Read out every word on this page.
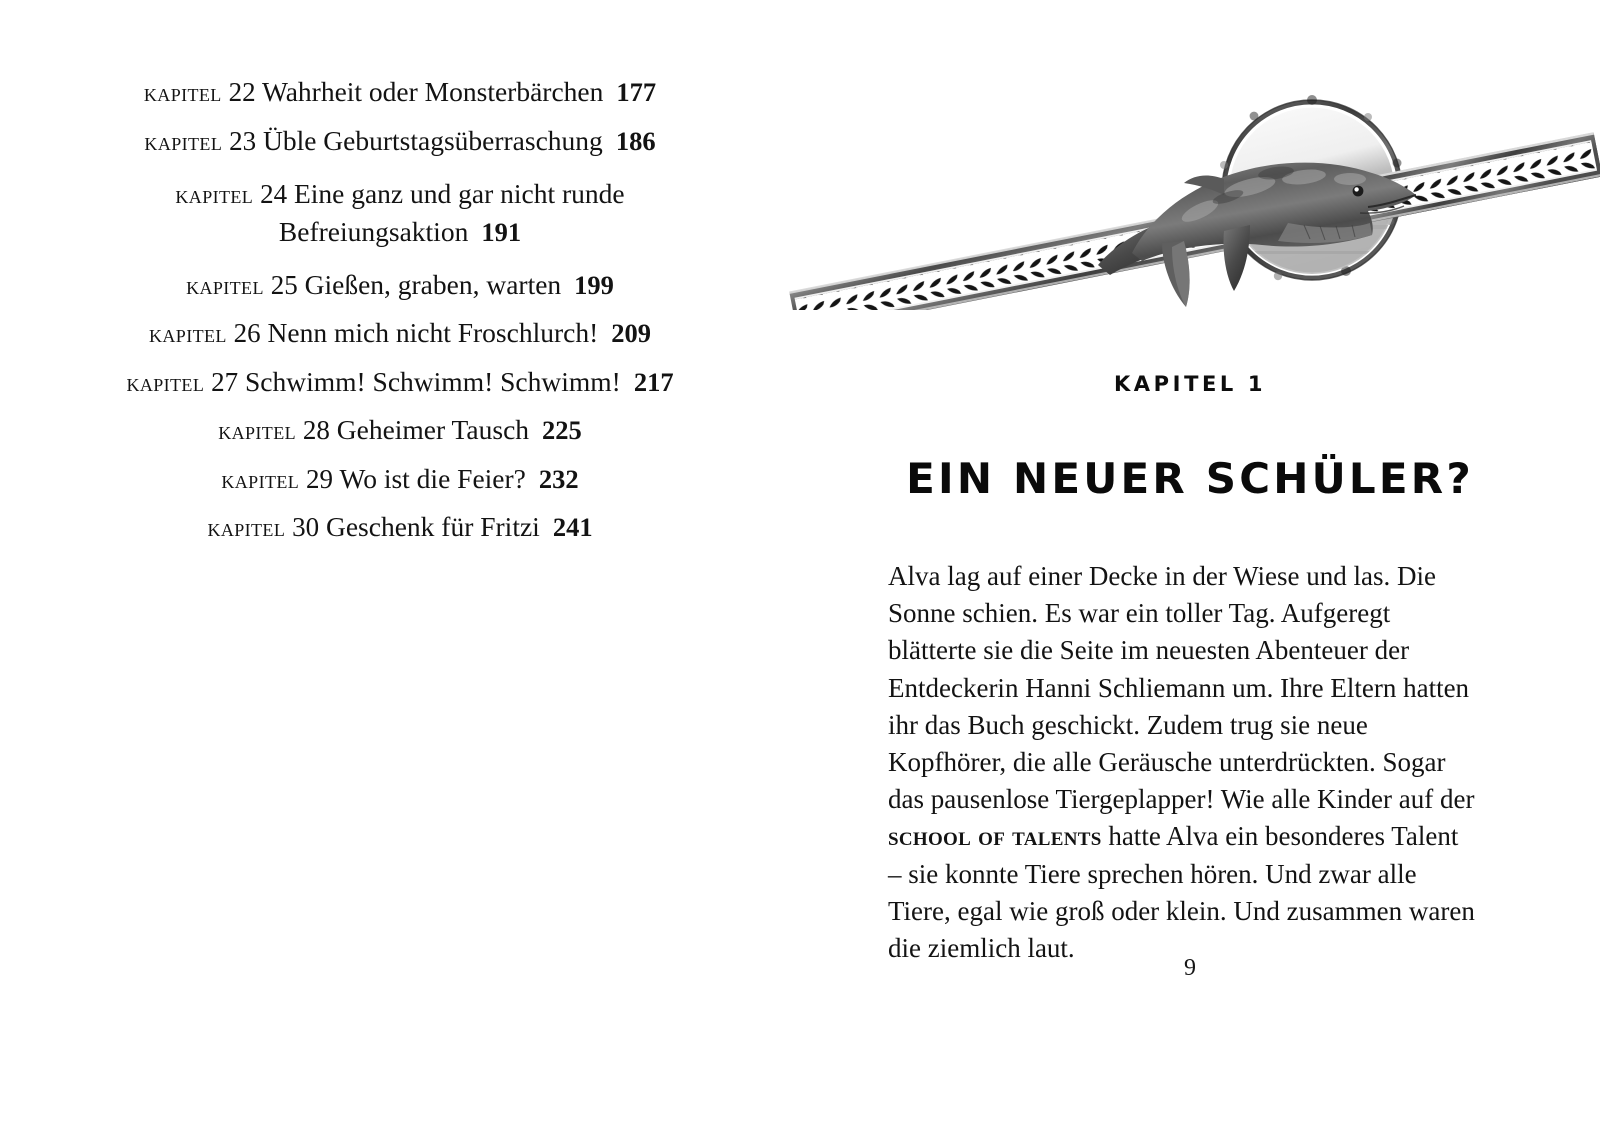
kapitel 22 Wahrheit oder Monsterbärchen 177
kapitel 23 Üble Geburtstagsüberraschung 186
kapitel 24 Eine ganz und gar nicht runde Befreiungsaktion 191
kapitel 25 Gießen, graben, warten 199
kapitel 26 Nenn mich nicht Froschlurch! 209
kapitel 27 Schwimm! Schwimm! Schwimm! 217
kapitel 28 Geheimer Tausch 225
kapitel 29 Wo ist die Feier? 232
kapitel 30 Geschenk für Fritzi 241
KAPITEL 1
EIN NEUER SCHÜLER?

Alva lag auf einer Decke in der Wiese und las. Die Sonne schien. Es war ein toller Tag. Aufgeregt blätterte sie die Seite im neuesten Abenteuer der Entdeckerin Hanni Schliemann um. Ihre Eltern hatten ihr das Buch geschickt. Zudem trug sie neue Kopfhörer, die alle Geräusche unterdrückten. Sogar das pausenlose Tiergeplapper! Wie alle Kinder auf der school of talents hatte Alva ein besonderes Talent – sie konnte Tiere sprechen hören. Und zwar alle Tiere, egal wie groß oder klein. Und zusammen waren die ziemlich laut.

9
